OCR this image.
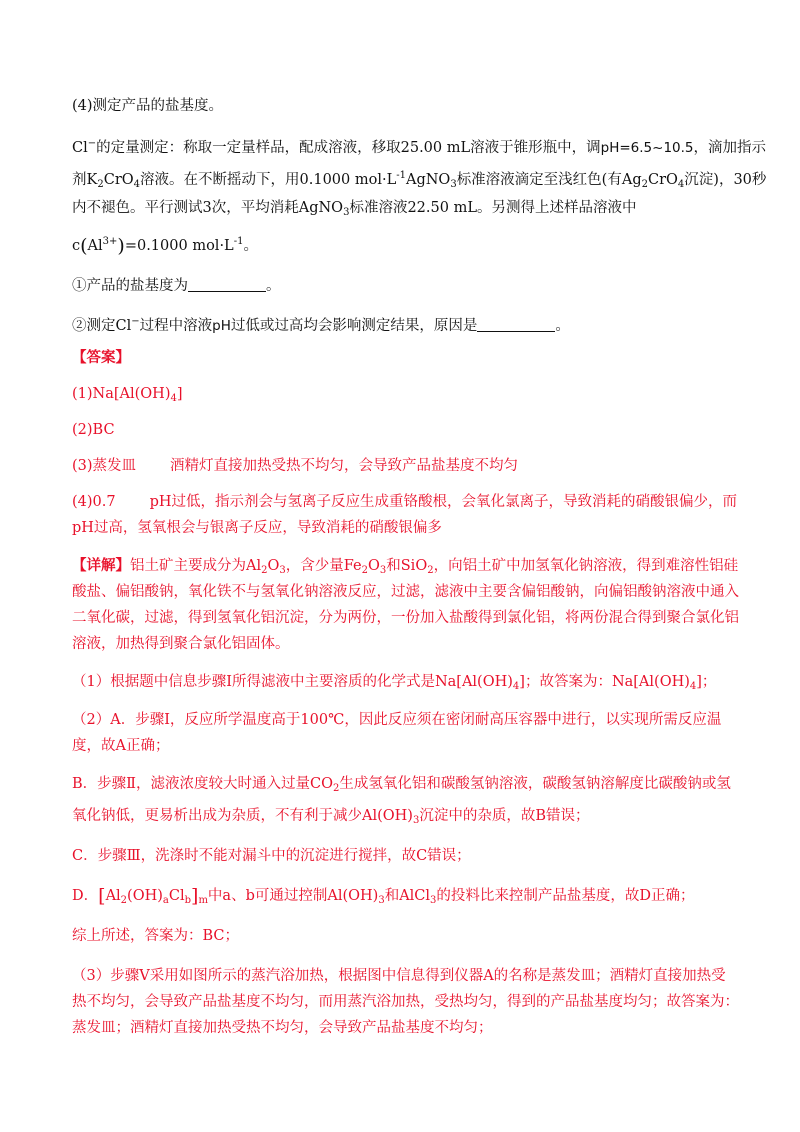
(4)测定产品的盐基度。
Cl−的定量测定：称取一定量样品，配成溶液，移取25.00 mL溶液于锥形瓶中，调pH=6.5~10.5，滴加指示
剂$K_2CrO_4$溶液。在不断摇动下，用0.1000 $mol\cdot L^{-1}AgNO_3$标准溶液滴定至浅红色(有$Ag_2CrO_4$沉淀)，30秒
内不褪色。平行测试3次，平均消耗AgNO$_3$标准溶液22.50 mL。另测得上述样品溶液中
$c(Al^{3+})=0.1000$ $mol\cdot L^{-1}$。
①产品的盐基度为	。
②测定Cl−过程中溶液pH过低或过高均会影响测定结果，原因是	。
【答案】
$(1)Na[Al(OH)_4]$
(2)BC
(3)蒸发皿 酒精灯直接加热受热不均匀，会导致产品盐基度不均匀
(4)0.7 pH过低，指示剂会与氢离子反应生成重铬酸根，会氧化氯离子，导致消耗的硝酸银偏少，而
pH过高，氢氧根会与银离子反应，导致消耗的硝酸银偏多
【详解】铝土矿主要成分为$Al_2O_3$，含少量$Fe_2O_3$和SiO$_2$，向铝土矿中加氢氧化钠溶液，得到难溶性铝硅
酸盐、偏铝酸钠，氧化铁不与氢氧化钠溶液反应，过滤，滤液中主要含偏铝酸钠，向偏铝酸钠溶液中通入
二氧化碳，过滤，得到氢氧化铝沉淀，分为两份，一份加入盐酸得到氯化铝，将两份混合得到聚合氯化铝
溶液，加热得到聚合氯化铝固体。
（1）根据题中信息步骤Ⅰ所得滤液中主要溶质的化学式是$Na[Al(OH)_4]$；故答案为：$Na[Al(OH)_4]$；
（2）A．步骤Ⅰ，反应所学温度高于100℃，因此反应须在密闭耐高压容器中进行，以实现所需反应温
度，故A正确；
B．步骤Ⅱ，滤液浓度较大时通入过量$CO_2$生成氢氧化铝和碳酸氢钠溶液，碳酸氢钠溶解度比碳酸钠或氢
氧化钠低，更易析出成为杂质，不有利于减少$Al(OH)_3$沉淀中的杂质，故B错误；
C．步骤Ⅲ，洗涤时不能对漏斗中的沉淀进行搅拌，故C错误；
D．$[Al_2(OH)_aCl_b]_m$中a、b可通过控制$Al(OH)_3$和AlCl$_3$的投料比来控制产品盐基度，故D正确；
综上所述，答案为：BC；
（3）步骤Ⅴ采用如图所示的蒸汽浴加热，根据图中信息得到仪器A的名称是蒸发皿；酒精灯直接加热受
热不均匀，会导致产品盐基度不均匀，而用蒸汽浴加热，受热均匀，得到的产品盐基度均匀；故答案为：
蒸发皿；酒精灯直接加热受热不均匀，会导致产品盐基度不均匀；
